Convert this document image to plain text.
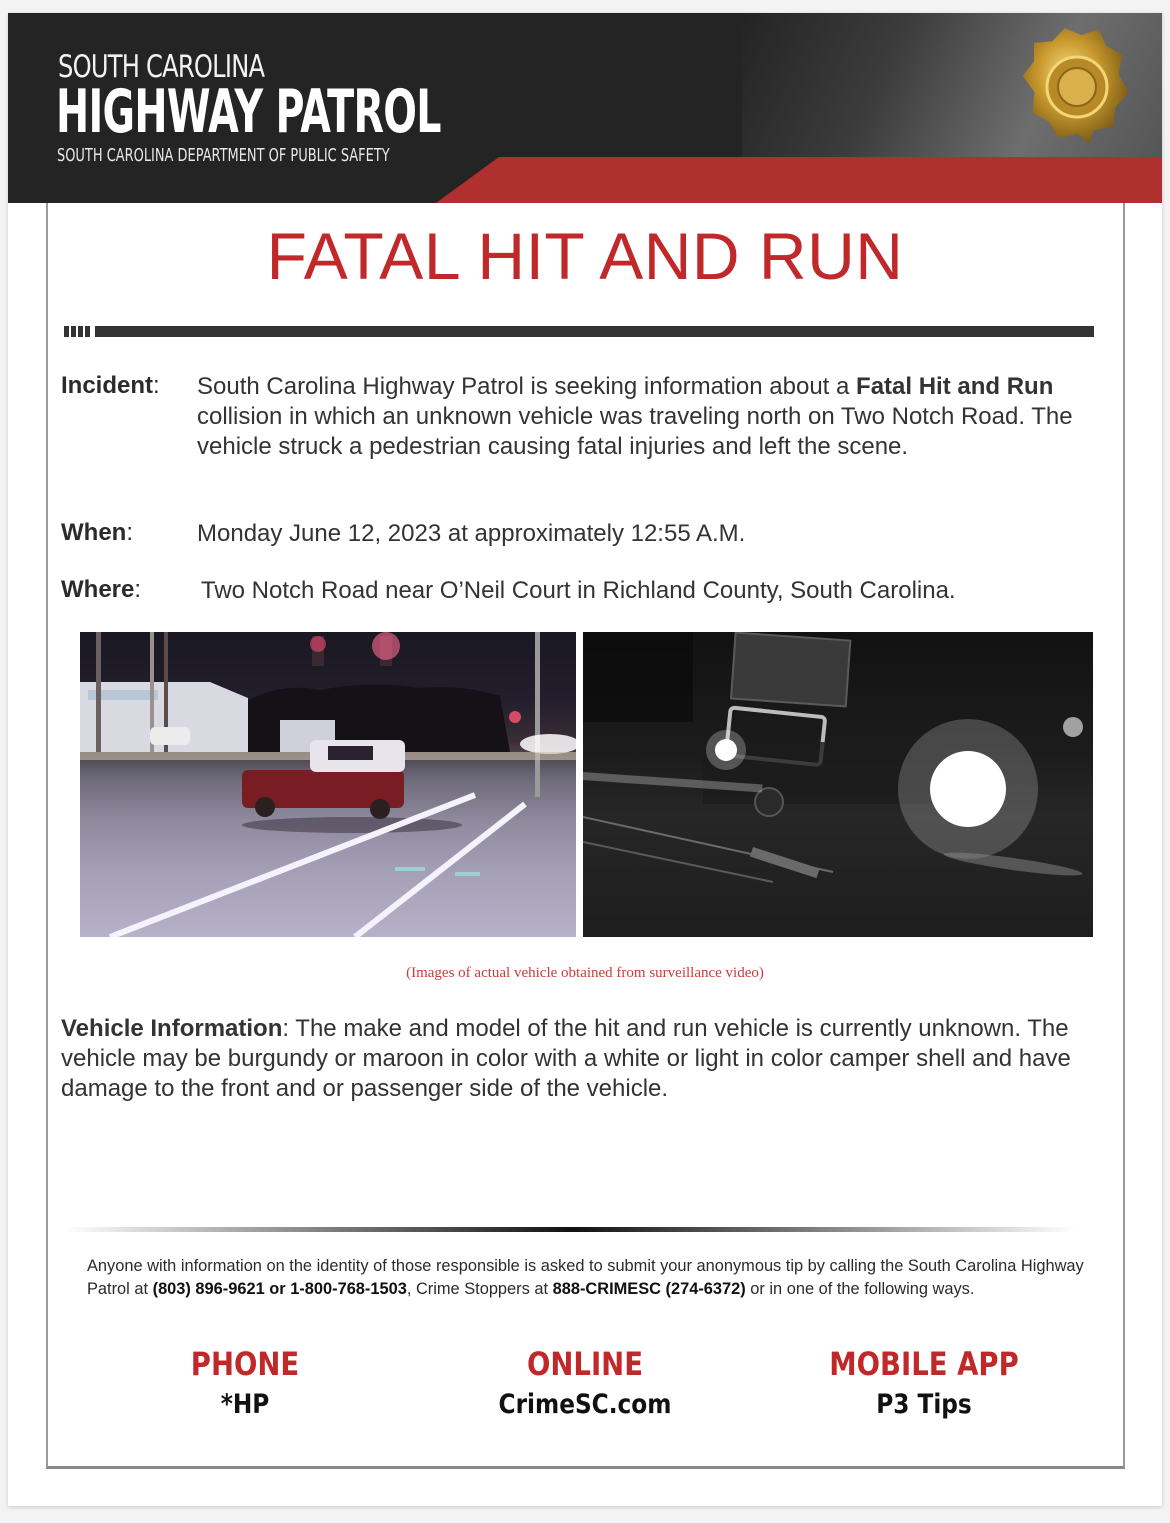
SOUTH CAROLINA
HIGHWAY PATROL
SOUTH CAROLINA DEPARTMENT OF PUBLIC SAFETY
FATAL HIT AND RUN
Incident: South Carolina Highway Patrol is seeking information about a Fatal Hit and Run collision in which an unknown vehicle was traveling north on Two Notch Road. The vehicle struck a pedestrian causing fatal injuries and left the scene.
When:	Monday June 12, 2023 at approximately 12:55 A.M.
Where: Two Notch Road near O’Neil Court in Richland County, South Carolina.
(Images of actual vehicle obtained from surveillance video)
Vehicle Information: The make and model of the hit and run vehicle is currently unknown. The vehicle may be burgundy or maroon in color with a white or light in color camper shell and have damage to the front and or passenger side of the vehicle.
Anyone with information on the identity of those responsible is asked to submit your anonymous tip by calling the South Carolina Highway Patrol at (803) 896-9621 or 1-800-768-1503, Crime Stoppers at 888-CRIMESC (274-6372) or in one of the following ways.
PHONE
*HP
ONLINE
CrimeSC.com
MOBILE APP
P3 Tips
